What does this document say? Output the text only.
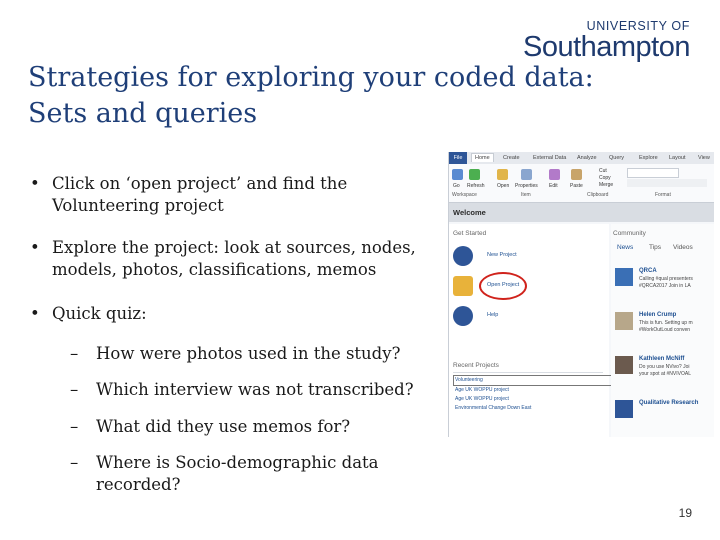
UNIVERSITY OF
Southampton
Strategies for exploring your coded data:
Sets and queries
• Click on ‘open project’ and find the Volunteering project
• Explore the project: look at sources, nodes, models, photos, classifications, memos
• Quick quiz:
– How were photos used in the study?
– Which interview was not transcribed?
– What did they use memos for?
– Where is Socio-demographic data recorded?
File	Home	Create External Data Analyze Query	Explore Layout View
Go Refresh Open Properties Edit Paste
Cut
Copy
Merge
Workspace	Item	Clipboard	Format
Welcome
Get Started
New Project
Open Project
Help
Recent Projects
Volunteering
Age UK WOPPU project
Age UK WOPPU project
Environmental Change Down East
Community
News Tips Videos
QRCA
Calling #qual presenters
#QRCA2017 Join in LA
Helen Crump
This is fun. Setting up m
#WorkOutLoud conven
Kathleen McNiff
Do you use NVivo? Joi
your spot at #NVIVOAL
Qualitative Research
19
